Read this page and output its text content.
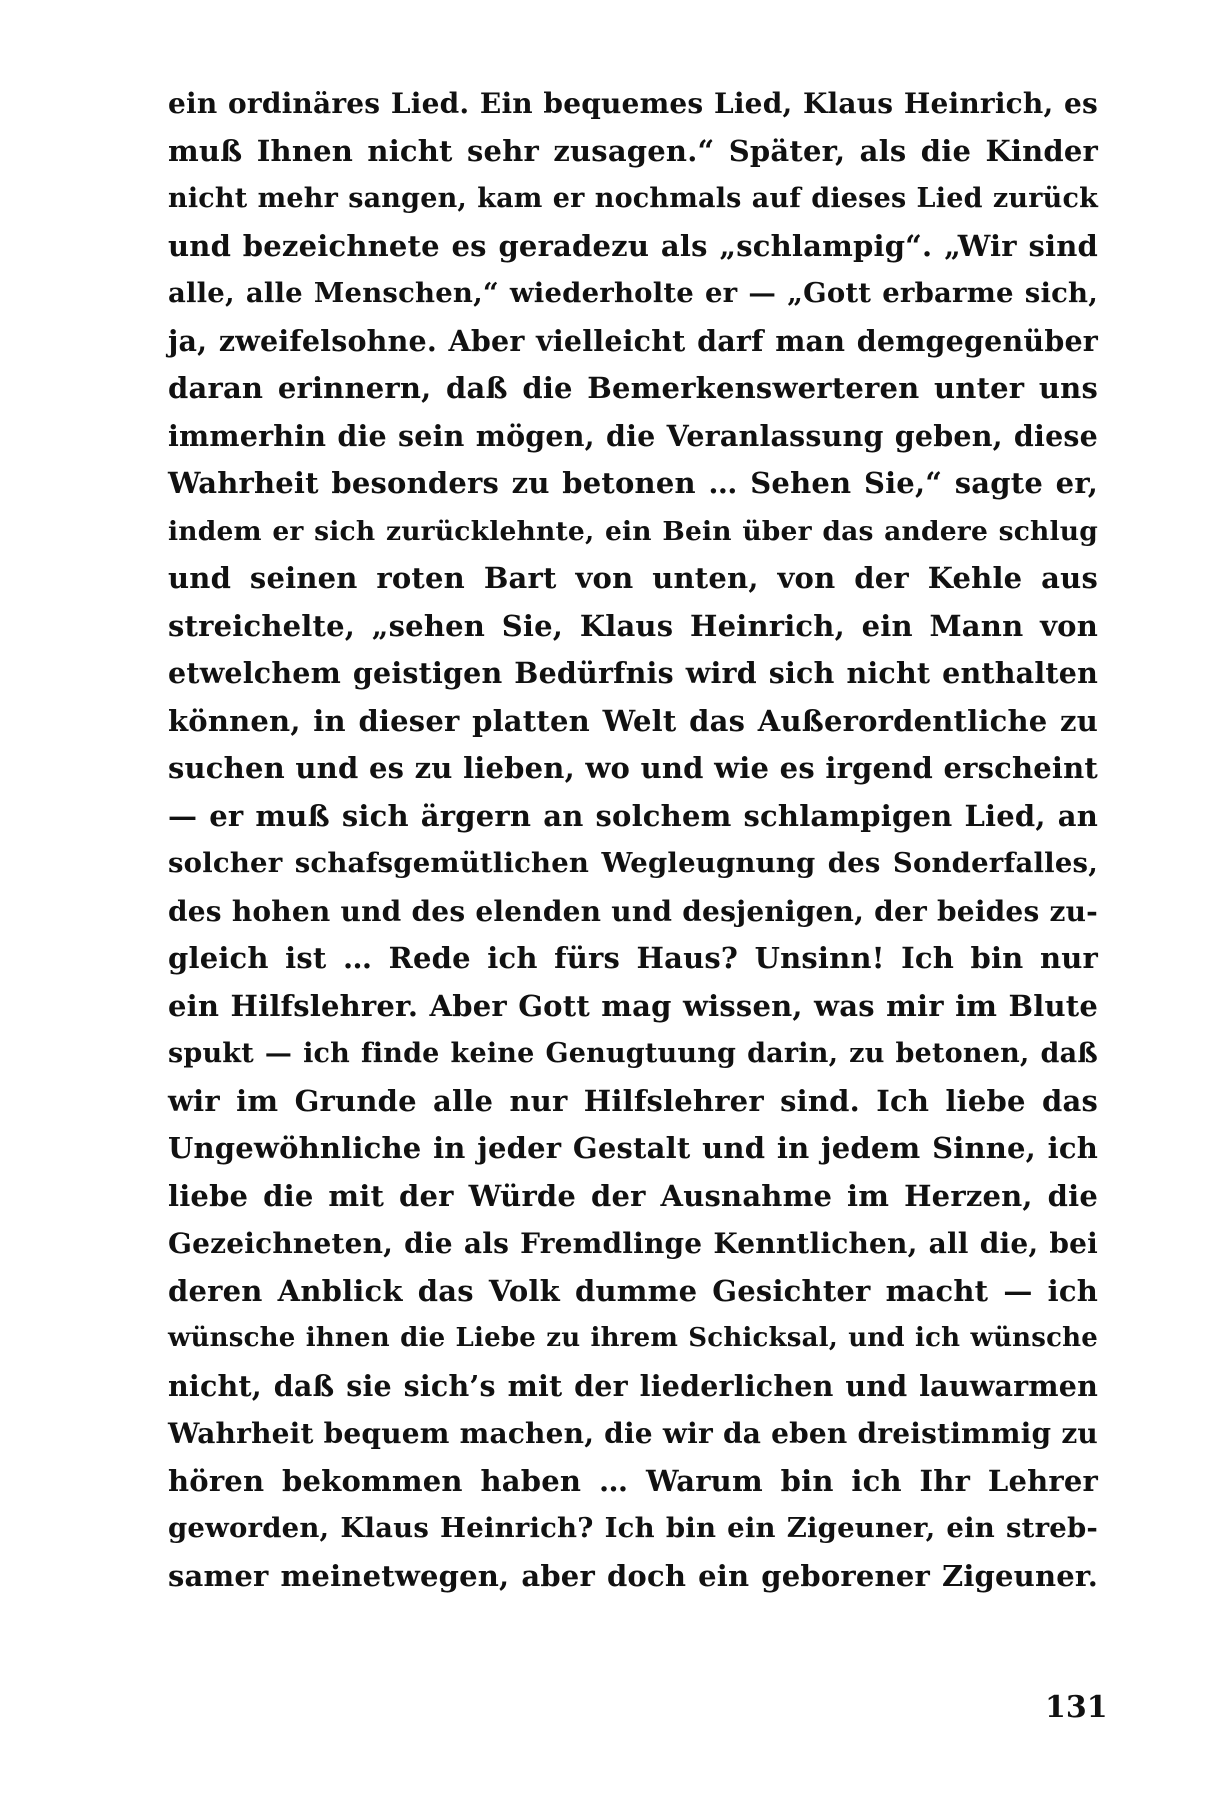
ein ordinäres Lied. Ein bequemes Lied, Klaus Heinrich, es
muß Ihnen nicht sehr zusagen.“ Später, als die Kinder
nicht mehr sangen, kam er nochmals auf dieses Lied zurück
und bezeichnete es geradezu als „schlampig“. „Wir sind
alle, alle Menschen,“ wiederholte er — „Gott erbarme sich,
ja, zweifelsohne. Aber vielleicht darf man demgegenüber
daran erinnern, daß die Bemerkenswerteren unter uns
immerhin die sein mögen, die Veranlassung geben, diese
Wahrheit besonders zu betonen … Sehen Sie,“ sagte er,
indem er sich zurücklehnte, ein Bein über das andere schlug
und seinen roten Bart von unten, von der Kehle aus
streichelte, „sehen Sie, Klaus Heinrich, ein Mann von
etwelchem geistigen Bedürfnis wird sich nicht enthalten
können, in dieser platten Welt das Außerordentliche zu
suchen und es zu lieben, wo und wie es irgend erscheint
— er muß sich ärgern an solchem schlampigen Lied, an
solcher schafsgemütlichen Wegleugnung des Sonderfalles,
des hohen und des elenden und desjenigen, der beides zu-
gleich ist … Rede ich fürs Haus? Unsinn! Ich bin nur
ein Hilfslehrer. Aber Gott mag wissen, was mir im Blute
spukt — ich finde keine Genugtuung darin, zu betonen, daß
wir im Grunde alle nur Hilfslehrer sind. Ich liebe das
Ungewöhnliche in jeder Gestalt und in jedem Sinne, ich
liebe die mit der Würde der Ausnahme im Herzen, die
Gezeichneten, die als Fremdlinge Kenntlichen, all die, bei
deren Anblick das Volk dumme Gesichter macht — ich
wünsche ihnen die Liebe zu ihrem Schicksal, und ich wünsche
nicht, daß sie sich’s mit der liederlichen und lauwarmen
Wahrheit bequem machen, die wir da eben dreistimmig zu
hören bekommen haben … Warum bin ich Ihr Lehrer
geworden, Klaus Heinrich? Ich bin ein Zigeuner, ein streb-
samer meinetwegen, aber doch ein geborener Zigeuner.
131
